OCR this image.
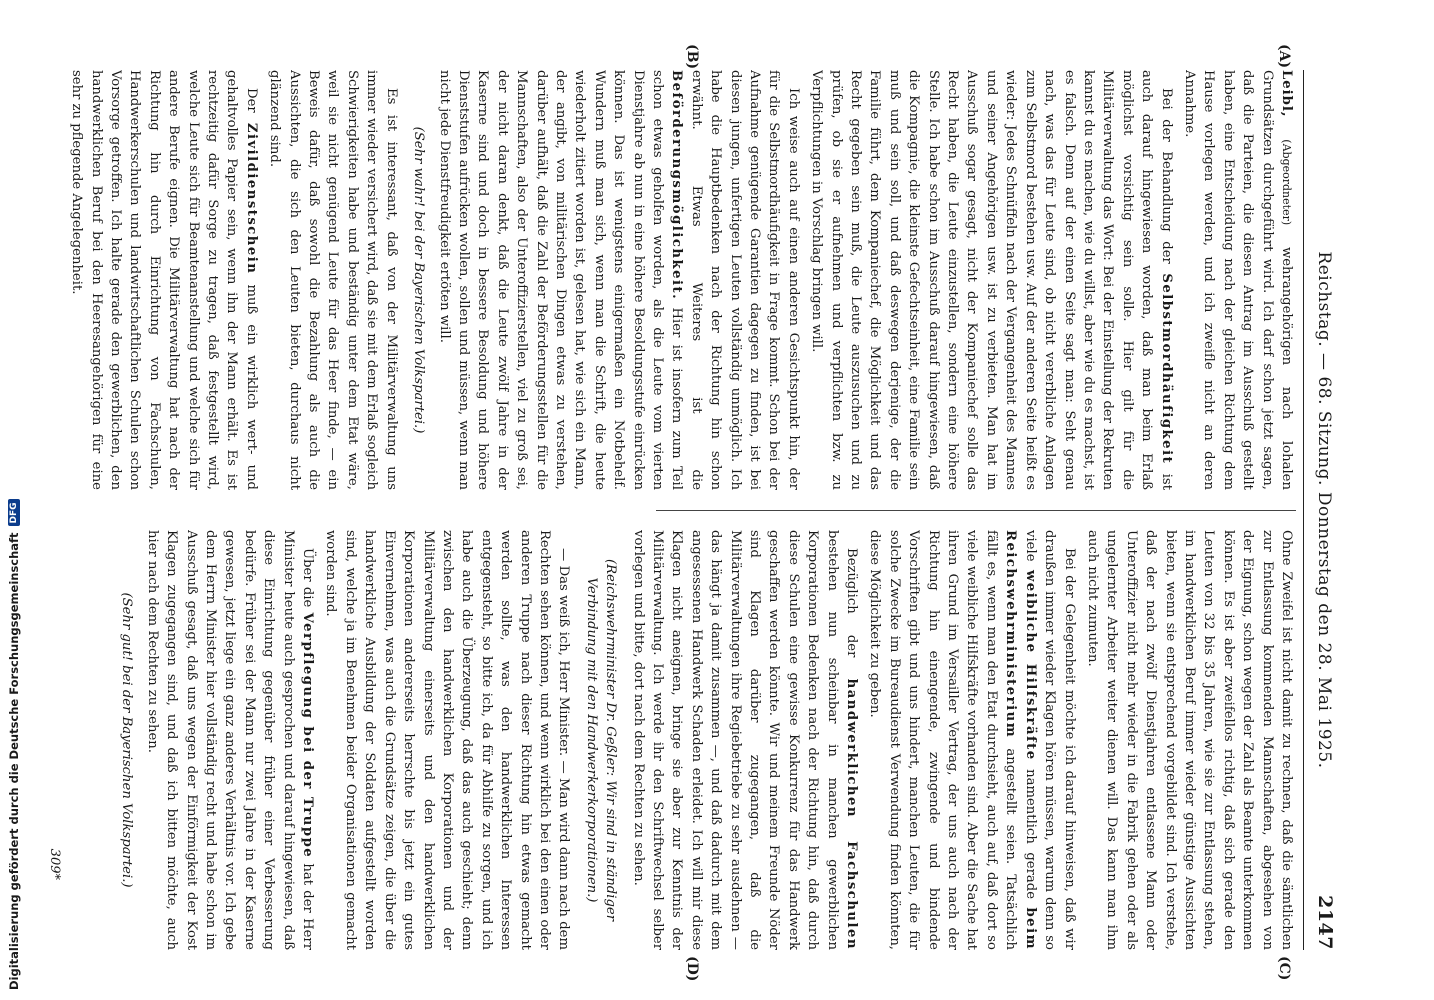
Reichstag. — 68. Sitzung. Donnerstag den 28. Mai 1925.
2147
(A)
(B)
(C)
(D)

Leibl, (Abgeordneter) wehrangehörigen nach lohalen Grundsätzen durchgeführt wird. Ich darf schon jetzt sagen, daß die Parteien, die diesen Antrag im Ausschuß gestellt haben, eine Entscheidung nach der gleichen Richtung dem Hause vorlegen werden, und ich zweifle nicht an deren Annahme.

Bei der Behandlung der Selbstmordhäufigkeit ist auch darauf hingewiesen worden, daß man beim Erlaß möglichst vorsichtig sein solle. Hier gilt für die Militärverwaltung das Wort: Bei der Einstellung der Rekruten kannst du es machen, wie du willst, aber wie du es machst, ist es falsch. Denn auf der einen Seite sagt man: Seht genau nach, was das für Leute sind, ob nicht vererbliche Anlagen zum Selbstmord bestehen usw. Auf der anderen Seite heißt es wieder: Jedes Schnüffeln nach der Vergangenheit des Mannes und seiner Angehörigen usw. ist zu verbieten. Man hat im Ausschuß sogar gesagt, nicht der Kompaniechef solle das Recht haben, die Leute einzustellen, sondern eine höhere Stelle. Ich habe schon im Ausschuß darauf hingewiesen, daß die Kompagnie, die kleinste Gefechtseinheit, eine Familie sein muß und sein soll, und daß deswegen derjenige, der die Familie führt, dem Kompaniechef, die Möglichkeit und das Recht gegeben sein muß, die Leute auszusuchen und zu prüfen, ob sie er aufnehmen und verpflichten bzw. zu Verpflichtungen in Vorschlag bringen will.

Ich weise auch auf einen anderen Gesichtspunkt hin, der für die Selbstmordhäufigkeit in Frage kommt. Schon bei der Aufnahme genügende Garantien dagegen zu finden, ist bei diesen jungen, unfertigen Leuten vollständig unmöglich. Ich habe die Hauptbedenken nach der Richtung hin schon erwähnt. Etwas Weiteres ist die Beförderungsmöglichkeit. Hier ist insofern zum Teil schon etwas geholfen worden, als die Leute vom vierten Dienstjahre ab nun in eine höhere Besoldungsstufe einrücken können. Das ist wenigstens einigermaßen ein Notbehelf. Wundern muß man sich, wenn man die Schrift, die heute wiederholt zitiert worden ist, gelesen hat, wie sich ein Mann, der angibt, von militärischen Dingen etwas zu verstehen, darüber aufhält, daß die Zahl der Beförderungsstellen für die Mannschaften, also der Unteroffizierstellen, viel zu groß sei, der nicht daran denkt, daß die Leute zwölf Jahre in der Kaserne sind und doch in bessere Besoldung und höhere Dienststufen aufrücken wollen, sollen und müssen, wenn man nicht jede Dienstfreudigkeit ertöten will.

(Sehr wahr! bei der Bayerischen Volkspartei.)

Es ist interessant, daß von der Militärverwaltung uns immer wieder versichert wird, daß sie mit dem Erlaß sogleich Schwierigkeiten habe und beständig unter dem Etat wäre, weil sie nicht genügend Leute für das Heer finde, — ein Beweis dafür, daß sowohl die Bezahlung als auch die Aussichten, die sich den Leuten bieten, durchaus nicht glänzend sind.

Der Zivildienstschein muß ein wirklich wert- und gehaltvolles Papier sein, wenn ihn der Mann erhält. Es ist rechtzeitig dafür Sorge zu tragen, daß festgestellt wird, welche Leute sich für Beamtenanstellung und welche sich für andere Berufe eignen. Die Militärverwaltung hat nach der Richtung hin durch Einrichtung von Fachschulen, Handwerkerschulen und landwirtschaftlichen Schulen schon Vorsorge getroffen. Ich halte gerade den gewerblichen, den handwerklichen Beruf bei den Heeresangehörigen für eine sehr zu pflegende Angelegenheit.

Ohne Zweifel ist nicht damit zu rechnen, daß die sämtlichen zur Entlassung kommenden Mannschaften, abgesehen von der Eignung, schon wegen der Zahl als Beamte unterkommen können. Es ist aber zweifellos richtig, daß sich gerade den Leuten von 32 bis 35 Jahren, wie sie zur Entlassung stehen, im handwerklichen Beruf immer wieder günstige Aussichten bieten, wenn sie entsprechend vorgebildet sind. Ich verstehe, daß der nach zwölf Dienstjahren entlassene Mann oder Unteroffizier nicht mehr wieder in die Fabrik gehen oder als ungelernter Arbeiter weiter dienen will. Das kann man ihm auch nicht zumuten.

Bei der Gelegenheit möchte ich darauf hinweisen, daß wir draußen immer wieder Klagen hören müssen, warum denn so viele weibliche Hilfskräfte namentlich gerade beim Reichswehrministerium angestellt seien. Tatsächlich fällt es, wenn man den Etat durchsieht, auch auf, daß dort so viele weibliche Hilfskräfte vorhanden sind. Aber die Sache hat ihren Grund im Versailler Vertrag, der uns auch nach der Richtung hin einengende, zwingende und bindende Vorschriften gibt und uns hindert, manchen Leuten, die für solche Zwecke im Bureaudienst Verwendung finden könnten, diese Möglichkeit zu geben.

Bezüglich der handwerklichen Fachschulen bestehen nun scheinbar in manchen gewerblichen Korporationen Bedenken nach der Richtung hin, daß durch diese Schulen eine gewisse Konkurrenz für das Handwerk geschaffen werden könnte. Wir und meinem Freunde Nöder sind Klagen darüber zugegangen, daß die Militärverwaltungen ihre Regiebetriebe zu sehr ausdehnen — das hängt ja damit zusammen —, und daß dadurch mit dem angesessenen Handwerk Schaden erleidet. Ich will mir diese Klagen nicht aneignen, bringe sie aber zur Kenntnis der Militärverwaltung. Ich werde ihr den Schriftwechsel selber vorlegen und bitte, dort nach dem Rechten zu sehen.

(Reichswehrminister Dr. Geßler: Wir sind in ständiger Verbindung mit den Handwerkerkorporationen.)

— Das weiß ich, Herr Minister. — Man wird dann nach dem Rechten sehen können, und wenn wirklich bei den einen oder anderen Truppe nach dieser Richtung hin etwas gemacht werden sollte, was den handwerklichen Interessen entgegensteht, so bitte ich, da für Abhilfe zu sorgen, und ich habe auch die Überzeugung, daß das auch geschieht; denn zwischen den handwerklichen Korporationen und der Militärverwaltung einerseits und den handwerklichen Korporationen andererseits herrschte bis jetzt ein gutes Einvernehmen, was auch die Grundsätze zeigen, die über die handwerkliche Ausbildung der Soldaten aufgestellt worden sind, welche ja im Benehmen beider Organisationen gemacht worden sind.

Über die Verpflegung bei der Truppe hat der Herr Minister heute auch gesprochen und darauf hingewiesen, daß diese Einrichtung gegenüber früher einer Verbesserung bedürfe. Früher sei der Mann nur zwei Jahre in der Kaserne gewesen, jetzt liege ein ganz anderes Verhältnis vor. Ich gebe dem Herrn Minister hier vollständig recht und habe schon im Ausschuß gesagt, daß uns wegen der Einförmigkeit der Kost Klagen zugegangen sind, und daß ich bitten möchte, auch hier nach dem Rechten zu sehen.

(Sehr gut! bei der Bayerischen Volkspartei.)

309*
Digitalisierung gefördert durch die Deutsche Forschungsgemeinschaft
DFG
